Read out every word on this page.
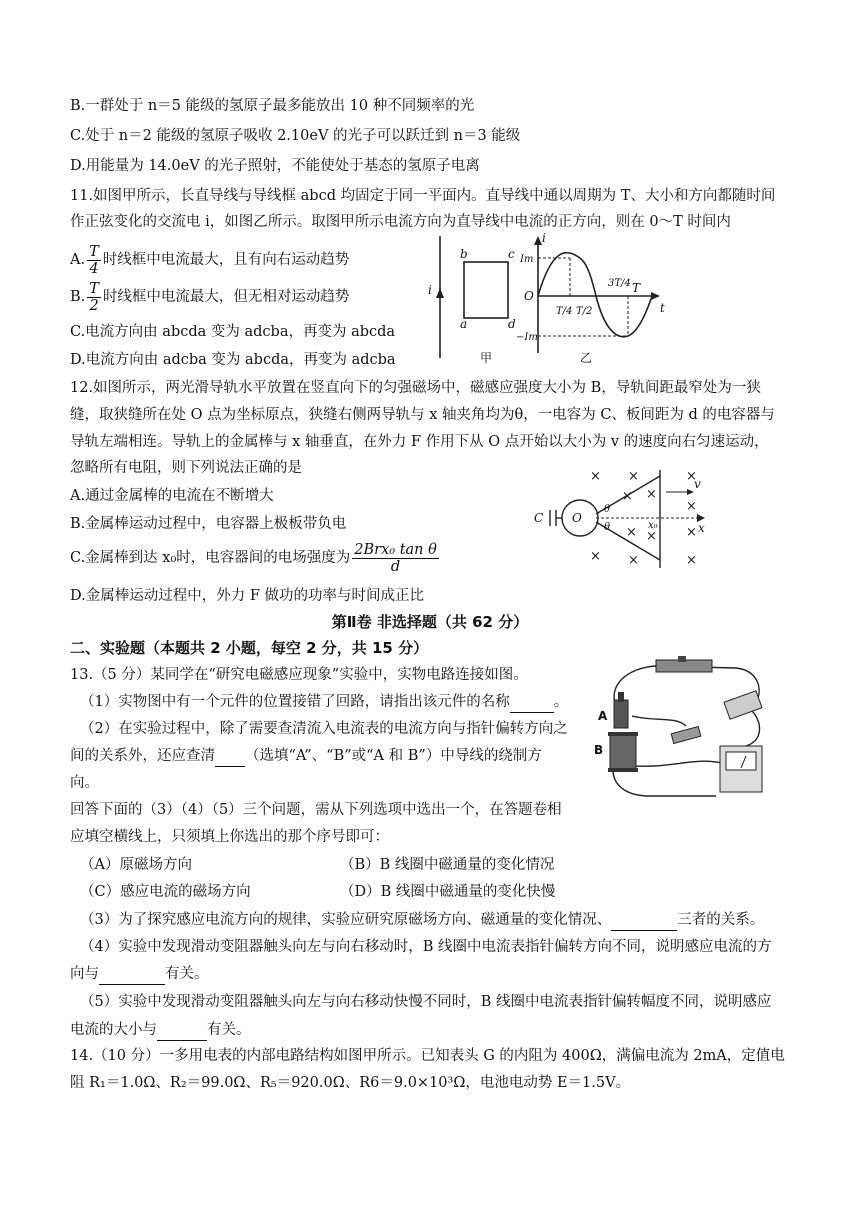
B.一群处于 n＝5 能级的氢原子最多能放出 10 种不同频率的光
C.处于 n＝2 能级的氢原子吸收 2.10eV 的光子可以跃迁到 n＝3 能级
D.用能量为 14.0eV 的光子照射，不能使处于基态的氢原子电离
11.如图甲所示，长直导线与导线框 abcd 均固定于同一平面内。直导线中通以周期为 T、大小和方向都随时间
作正弦变化的交流电 i，如图乙所示。取图甲所示电流方向为直导线中电流的正方向，则在 0～T 时间内
A. $\frac{T}{4}$ 时线框中电流最大，且有向右运动趋势
B. $\frac{T}{2}$ 时线框中电流最大，但无相对运动趋势
C.电流方向由 abcda 变为 adcba，再变为 abcda
D.电流方向由 adcba 变为 abcda，再变为 adcba
12.如图所示，两光滑导轨水平放置在竖直向下的匀强磁场中，磁感应强度大小为 B，导轨间距最窄处为一狭
缝，取狭缝所在处 O 点为坐标原点，狭缝右侧两导轨与 x 轴夹角均为θ，一电容为 C、板间距为 d 的电容器与
导轨左端相连。导轨上的金属棒与 x 轴垂直，在外力 F 作用下从 O 点开始以大小为 v 的速度向右匀速运动，
忽略所有电阻，则下列说法正确的是
A.通过金属棒的电流在不断增大
B.金属棒运动过程中，电容器上极板带负电
C.金属棒到达 x₀时，电容器间的电场强度为 $\frac{\text{2Brx₀ tan θ}}{d}$
D.金属棒运动过程中，外力 F 做功的功率与时间成正比
第Ⅱ卷 非选择题（共 62 分）
二、实验题（本题共 2 小题，每空 2 分，共 15 分）
13.（5 分）某同学在“研究电磁感应现象”实验中，实物电路连接如图。
（1）实物图中有一个元件的位置接错了回路，请指出该元件的名称	。
（2）在实验过程中，除了需要查清流入电流表的电流方向与指针偏转方向之
间的关系外，还应查清 （选填“A”、“B”或“A 和 B”）中导线的绕制方
向。
回答下面的（3）（4）（5）三个问题，需从下列选项中选出一个，在答题卷相
应填空横线上，只须填上你选出的那个序号即可：
（A）原磁场方向	（B）B 线圈中磁通量的变化情况
（C）感应电流的磁场方向	（D）B 线圈中磁通量的变化快慢
（3）为了探究感应电流方向的规律，实验应研究原磁场方向、磁通量的变化情况、	三者的关系。
（4）实验中发现滑动变阻器触头向左与向右移动时，B 线圈中电流表指针偏转方向不同，说明感应电流的方
向与	有关。
（5）实验中发现滑动变阻器触头向左与向右移动快慢不同时，B 线圈中电流表指针偏转幅度不同，说明感应
电流的大小与	有关。
14.（10 分）一多用电表的内部电路结构如图甲所示。已知表头 G 的内阻为 400Ω，满偏电流为 2mA，定值电
阻 R₁＝1.0Ω、R₂＝99.0Ω、R₅＝920.0Ω、R6＝9.0×10³Ω，电池电动势 E＝1.5V。
i
b	c
a	d
i
Im
−Im
O
t
T
T/4 T/2
3T/4
甲	乙
× ×	×
× ×
×
× × ×
× ×	×
C O
θ
θ
v
x₀	x
A
B
